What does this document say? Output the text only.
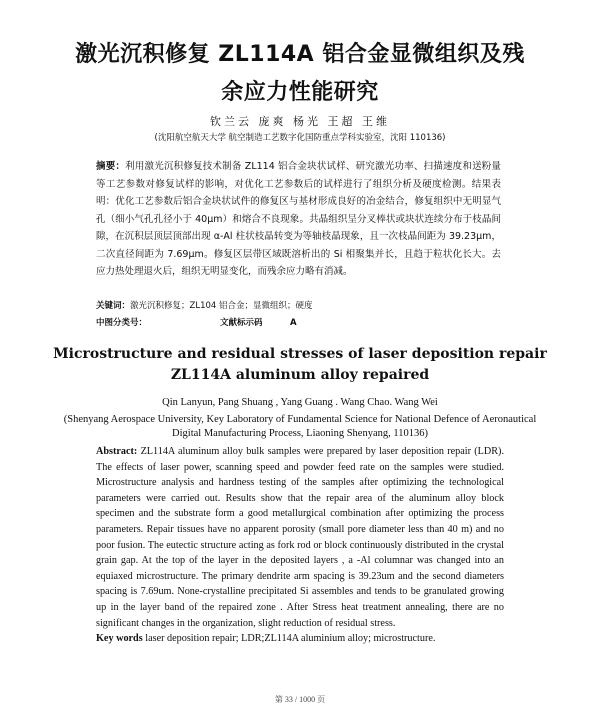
激光沉积修复 ZL114A 铝合金显微组织及残
余应力性能研究
钦兰云 庞爽 杨光 王超 王维
(沈阳航空航天大学 航空制造工艺数字化国防重点学科实验室，沈阳 110136)
摘要：利用激光沉积修复技术制备 ZL114 铝合金块状试样、研究激光功率、扫描速度和送粉量等工艺参数对修复试样的影响，对优化工艺参数后的试样进行了组织分析及硬度检测。结果表明：优化工艺参数后铝合金块状试件的修复区与基材形成良好的冶金结合，修复组织中无明显气孔（细小气孔孔径小于 40μm）和熔合不良现象。共晶组织呈分叉棒状或块状连续分布于枝晶间隙，在沉积层顶层顶部出现 α-Al 柱状枝晶转变为等轴枝晶现象，且一次枝晶间距为 39.23μm，二次直径间距为 7.69μm。修复区层带区域既溶析出的 Si 相聚集并长，且趋于粒状化长大。去应力热处理退火后，组织无明显变化，而残余应力略有消减。
关键词：激光沉积修复；ZL104 铝合金；显微组织；硬度
中图分类号：	文献标示码	A
Microstructure and residual stresses of laser deposition repair
ZL114A aluminum alloy repaired
Qin Lanyun, Pang Shuang , Yang Guang . Wang Chao. Wang Wei
(Shenyang Aerospace University, Key Laboratory of Fundamental Science for National Defence of Aeronautical Digital Manufacturing Process, Liaoning Shenyang, 110136)
Abstract: ZL114A aluminum alloy bulk samples were prepared by laser deposition repair (LDR). The effects of laser power, scanning speed and powder feed rate on the samples were studied. Microstructure analysis and hardness testing of the samples after optimizing the technological parameters were carried out. Results show that the repair area of the aluminum alloy block specimen and the substrate form a good metallurgical combination after optimizing the process parameters. Repair tissues have no apparent porosity (small pore diameter less than 40 m) and no poor fusion. The eutectic structure acting as fork rod or block continuously distributed in the crystal grain gap. At the top of the layer in the deposited layers , a -Al columnar was changed into an equiaxed microstructure. The primary dendrite arm spacing is 39.23um and the second diameters spacing is 7.69um. None-crystalline precipitated Si assembles and tends to be granulated growing up in the layer band of the repaired zone . After Stress heat treatment annealing, there are no significant changes in the organization, slight reduction of residual stress.
Key words laser deposition repair; LDR;ZL114A aluminium alloy; microstructure.
第 33 / 1000 页
